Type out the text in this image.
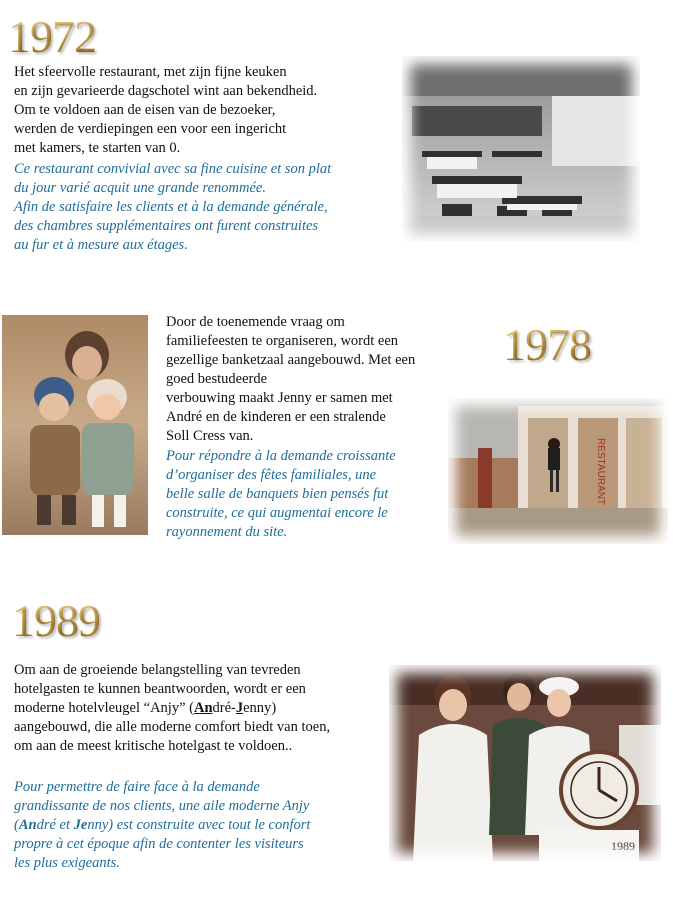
1972
Het sfeervolle restaurant, met zijn fijne keuken
en zijn gevarieerde dagschotel wint aan bekendheid.
Om te voldoen aan de eisen van de bezoeker,
werden de verdiepingen een voor een ingericht
met kamers, te starten van 0.
Ce restaurant convivial avec sa fine cuisine et son plat
du jour varié acquit une grande renommée.
Afin de satisfaire les clients et à la demande générale,
des chambres supplémentaires ont furent construites
au fur et à mesure aux étages.
Door de toenemende vraag om
familiefeesten te organiseren, wordt een
gezellige banketzaal aangebouwd. Met een
goed bestudeerde
verbouwing maakt Jenny er samen met
André en de kinderen er een stralende
Soll Cress van.
Pour répondre à la demande croissante
d’organiser des fêtes familiales, une
belle salle de banquets bien pensés fut
construite, ce qui augmentai encore le
rayonnement du site.
1978
RESTAURANT
1989
Om aan de groeiende belangstelling van tevreden
hotelgasten te kunnen beantwoorden, wordt er een
moderne hotelvleugel “Anjy” (André-Jenny)
aangebouwd, die alle moderne comfort biedt van toen,
om aan de meest kritische hotelgast te voldoen..
Pour permettre de faire face à la demande
grandissante de nos clients, une aile moderne Anjy
(André et Jenny) est construite avec tout le confort
propre à cet époque afin de contenter les visiteurs
les plus exigeants.
1989
